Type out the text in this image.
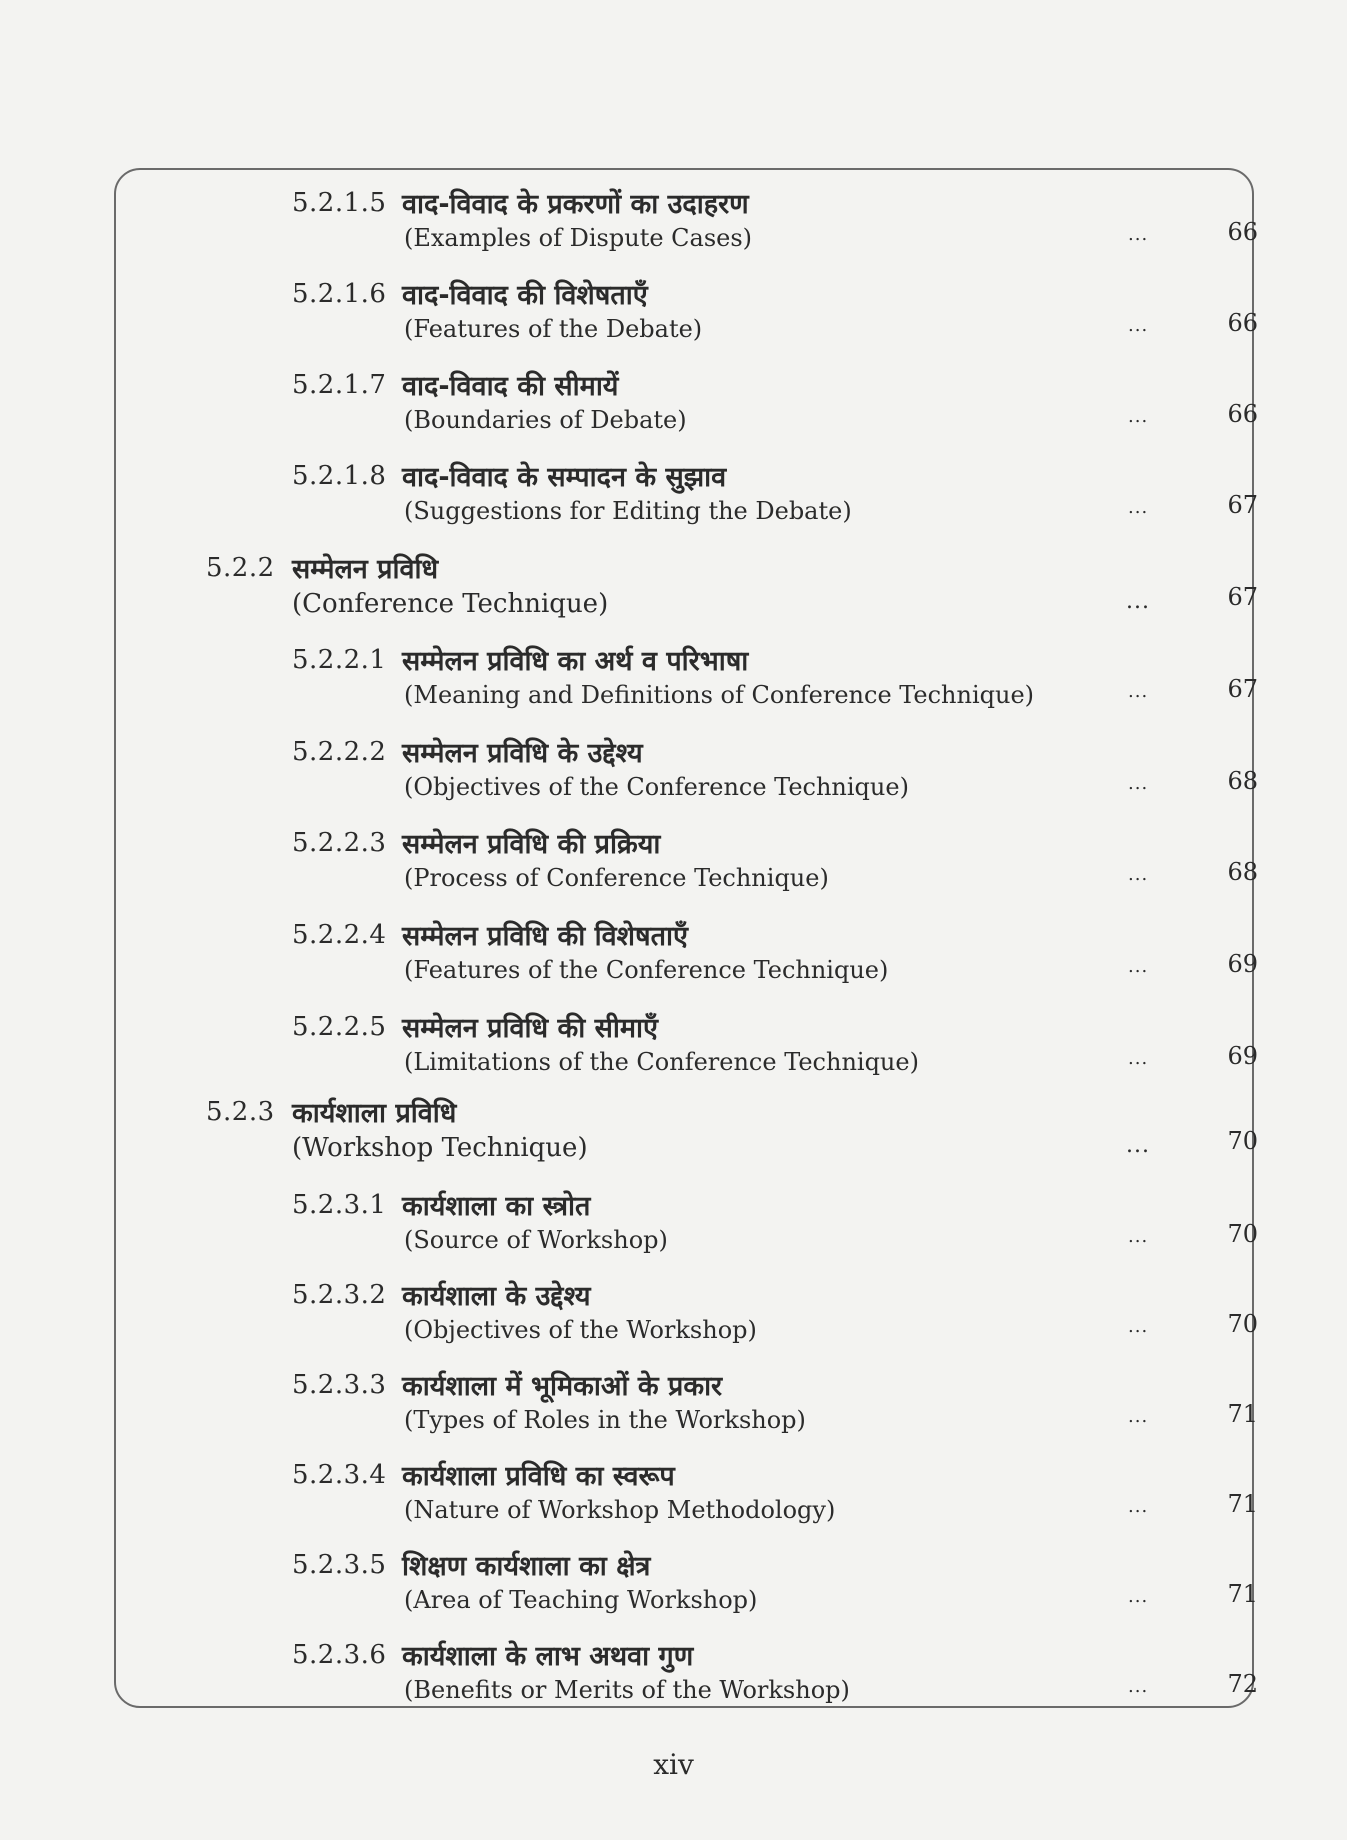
5.2.1.5 वाद-विवाद के प्रकरणों का उदाहरण
(Examples of Dispute Cases)	...	66
5.2.1.6 वाद-विवाद की विशेषताएँ
(Features of the Debate)	...	66
5.2.1.7 वाद-विवाद की सीमायें
(Boundaries of Debate)	...	66
5.2.1.8 वाद-विवाद के सम्पादन के सुझाव
(Suggestions for Editing the Debate)	...	67
5.2.2 सम्मेलन प्रविधि
(Conference Technique)	...	67
5.2.2.1 सम्मेलन प्रविधि का अर्थ व परिभाषा
(Meaning and Definitions of Conference Technique)	...	67
5.2.2.2 सम्मेलन प्रविधि के उद्देश्य
(Objectives of the Conference Technique)	...	68
5.2.2.3 सम्मेलन प्रविधि की प्रक्रिया
(Process of Conference Technique)	...	68
5.2.2.4 सम्मेलन प्रविधि की विशेषताएँ
(Features of the Conference Technique)	...	69
5.2.2.5 सम्मेलन प्रविधि की सीमाएँ
(Limitations of the Conference Technique)	...	69
5.2.3 कार्यशाला प्रविधि
(Workshop Technique)	...	70
5.2.3.1 कार्यशाला का स्त्रोत
(Source of Workshop)	...	70
5.2.3.2 कार्यशाला के उद्देश्य
(Objectives of the Workshop)	...	70
5.2.3.3 कार्यशाला में भूमिकाओं के प्रकार
(Types of Roles in the Workshop)	...	71
5.2.3.4 कार्यशाला प्रविधि का स्वरूप
(Nature of Workshop Methodology)	...	71
5.2.3.5 शिक्षण कार्यशाला का क्षेत्र
(Area of Teaching Workshop)	...	71
5.2.3.6 कार्यशाला के लाभ अथवा गुण
(Benefits or Merits of the Workshop)	...	72
xiv
